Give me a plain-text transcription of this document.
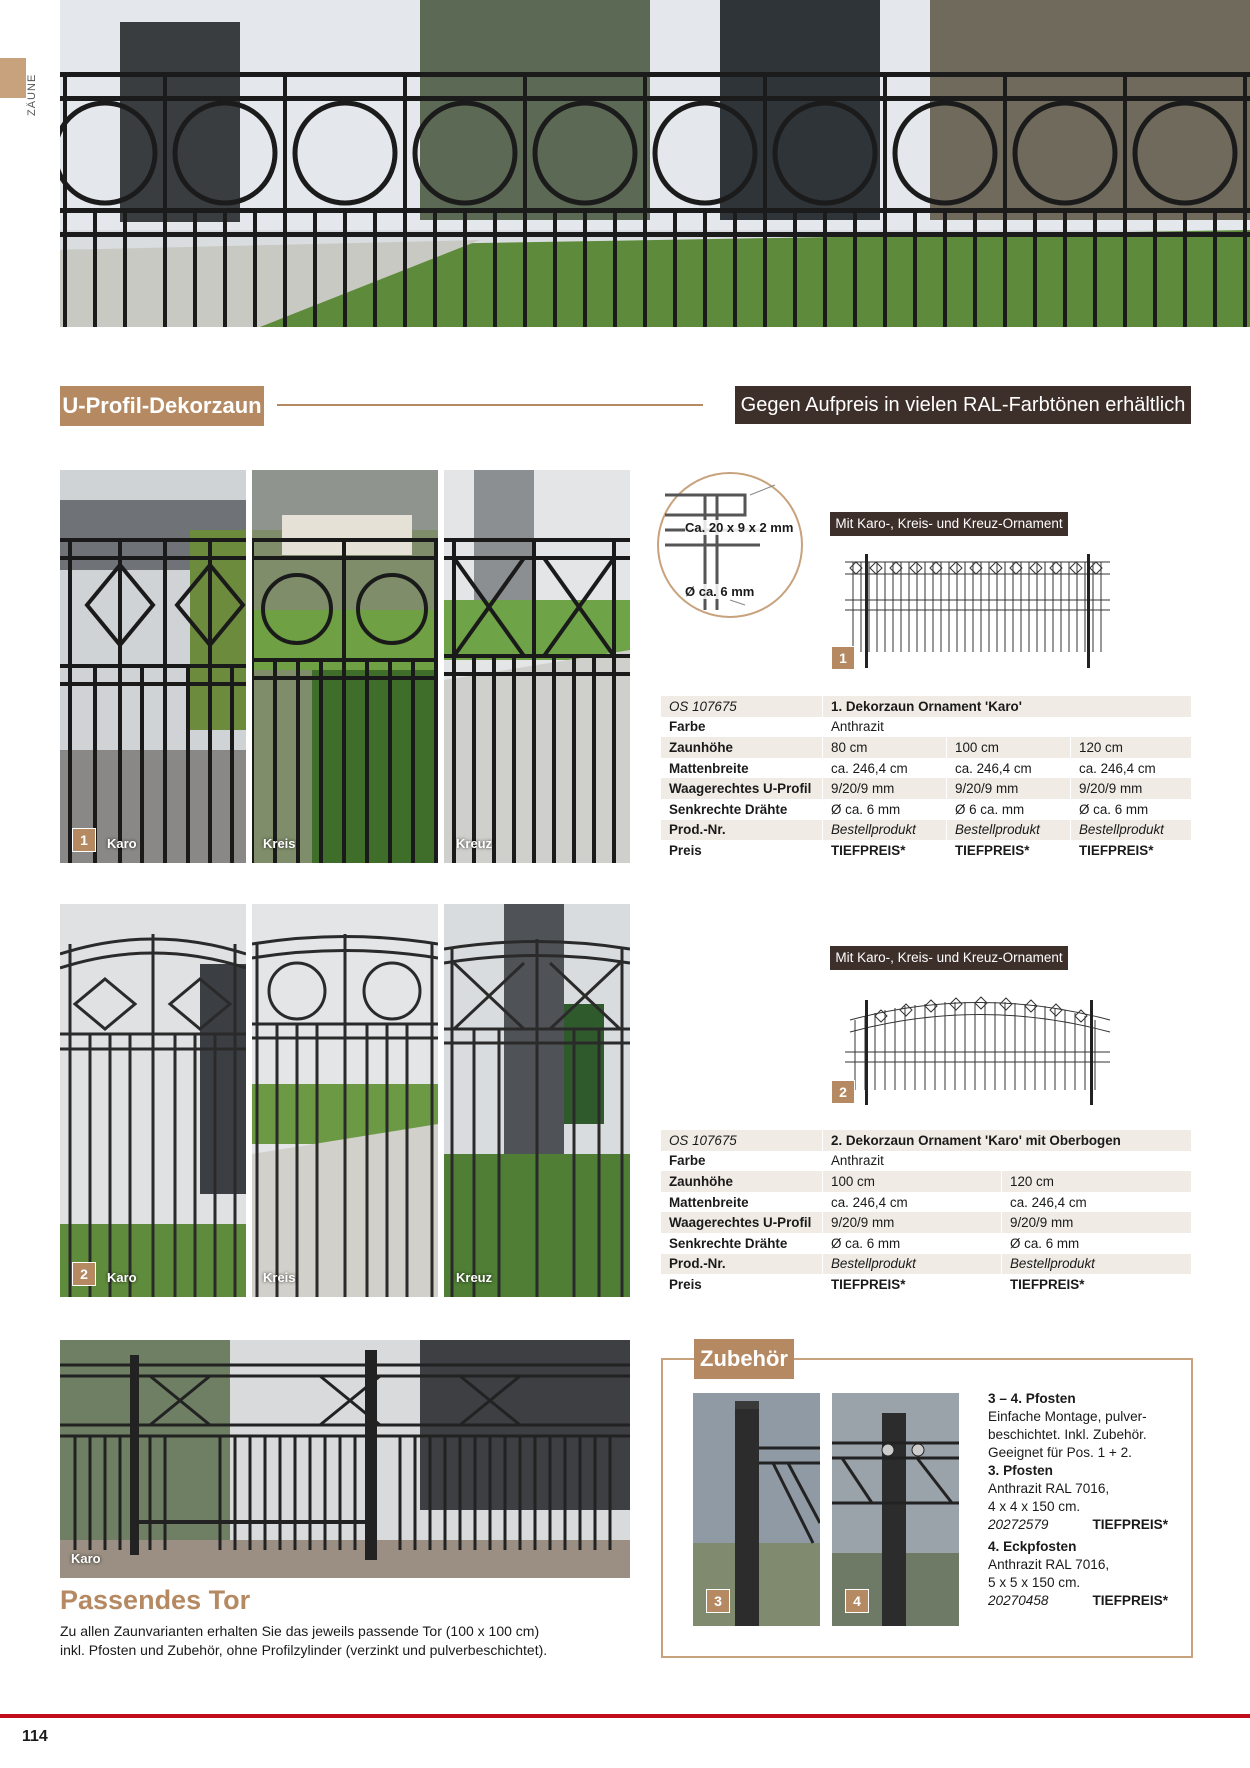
ZÄUNE
U-Profil-Dekorzaun	Gegen Aufpreis in vielen RAL-Farbtönen erhältlich
1	Karo	Kreis	Kreuz
Ca. 20 x 9 x 2 mm
Ø ca. 6 mm
Mit Karo-, Kreis- und Kreuz-Ornament
1
OS 107675	1. Dekorzaun Ornament 'Karo'		
Farbe	Anthrazit		
Zaunhöhe	80 cm	100 cm	120 cm
Mattenbreite	ca. 246,4 cm	ca. 246,4 cm	ca. 246,4 cm
Waagerechtes U-Profil	9/20/9 mm	9/20/9 mm	9/20/9 mm
Senkrechte Drähte	Ø ca. 6 mm	Ø 6 ca. mm	Ø ca. 6 mm
Prod.-Nr.	Bestellprodukt	Bestellprodukt	Bestellprodukt
Preis	TIEFPREIS*	TIEFPREIS*	TIEFPREIS*
2	Karo	Kreis	Kreuz
Mit Karo-, Kreis- und Kreuz-Ornament
2
OS 107675	2. Dekorzaun Ornament 'Karo' mit Oberbogen	
Farbe	Anthrazit	
Zaunhöhe	100 cm	120 cm
Mattenbreite	ca. 246,4 cm	ca. 246,4 cm
Waagerechtes U-Profil	9/20/9 mm	9/20/9 mm
Senkrechte Drähte	Ø ca. 6 mm	Ø ca. 6 mm
Prod.-Nr.	Bestellprodukt	Bestellprodukt
Preis	TIEFPREIS*	TIEFPREIS*
Karo
Passendes Tor
Zu allen Zaunvarianten erhalten Sie das jeweils passende Tor (100 x 100 cm)
inkl. Pfosten und Zubehör, ohne Profilzylinder (verzinkt und pulverbeschichtet).
Zubehör
3	4
3 – 4. Pfosten
Einfache Montage, pulver-
beschichtet. Inkl. Zubehör.
Geeignet für Pos. 1 + 2.
3. Pfosten
Anthrazit RAL 7016,
4 x 4 x 150 cm.
20272579	TIEFPREIS*
4. Eckpfosten
Anthrazit RAL 7016,
5 x 5 x 150 cm.
20270458	TIEFPREIS*
114
